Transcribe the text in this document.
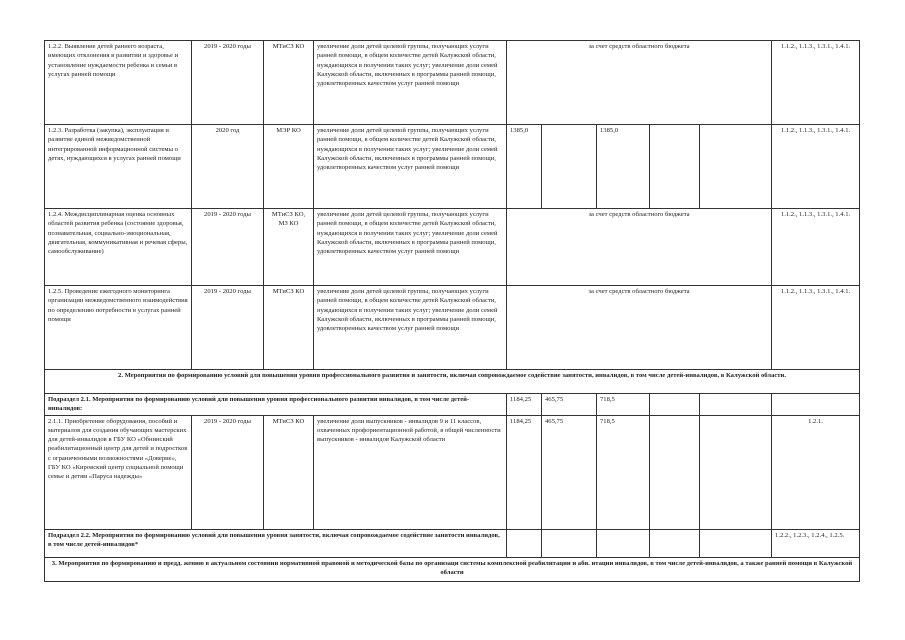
1.2.2. Выявление детей раннего возраста, имеющих отклонения в развитии и здоровье и установление нуждаемости ребенка и семьи в услугах ранней помощи	2019 - 2020 годы	МТиСЗ КО	увеличение доли детей целевой группы, получающих услуги ранней помощи, в общем количестве детей Калужской области, нуждающихся в получении таких услуг; увеличение доли семей Калужской области, включенных в программы ранней помощи, удовлетворенных качеством услуг ранней помощи	за счет средств областного бюджета					1.1.2., 1.1.3., 1.3.1., 1.4.1.
1.2.3. Разработка (закупка), эксплуатация и развитие единой межведомственной интегрированной информационной системы о детях, нуждающихся в услугах ранней помощи	2020 год	МЭР КО	увеличение доли детей целевой группы, получающих услуги ранней помощи, в общем количестве детей Калужской области, нуждающихся в получении таких услуг; увеличение доли семей Калужской области, включенных в программы ранней помощи, удовлетворенных качеством услуг ранней помощи	1385,0		1385,0			1.1.2., 1.1.3., 1.3.1., 1.4.1.
1.2.4. Междисциплинарная оценка основных областей развития ребенка (состояние здоровья, познавательная, социально-эмоциональная, двигательная, коммуникативная и речевая сферы, самообслуживание)	2019 - 2020 годы	МТиСЗ КО, МЗ КО	увеличение доли детей целевой группы, получающих услуги ранней помощи, в общем количестве детей Калужской области, нуждающихся в получении таких услуг; увеличение доли семей Калужской области, включенных в программы ранней помощи, удовлетворенных качеством услуг ранней помощи	за счет средств областного бюджета					1.1.2., 1.1.3., 1.3.1., 1.4.1.
1.2.5. Проведение ежегодного мониторинга организации межведомственного взаимодействия по определению потребности в услугах ранней помощи	2019 - 2020 годы	МТиСЗ КО	увеличение доли детей целевой группы, получающих услуги ранней помощи, в общем количестве детей Калужской области, нуждающихся в получении таких услуг; увеличение доли семей Калужской области, включенных в программы ранней помощи, удовлетворенных качеством услуг ранней помощи	за счет средств областного бюджета					1.1.2., 1.1.3., 1.3.1., 1.4.1.
2. Мероприятия по формированию условий для повышения уровня профессионального развития и занятости, включая сопровождаемое содействие занятости, инвалидов, в том числе детей-инвалидов, в Калужской области.									
Подраздел 2.1. Мероприятия по формированию условий для повышения уровня профессионального развития инвалидов, в том числе детей-инвалидов:				1184,25	465,75	718,5			
2.1.1. Приобретение оборудования, пособий и материалов для создания обучающих мастерских для детей-инвалидов в ГБУ КО «Обнинский реабилитационный центр для детей и подростков с ограниченными возможностями «Доверие», ГБУ КО «Кировский центр социальной помощи семье и детям «Паруса надежды»	2019 - 2020 годы	МТиСЗ КО	увеличение доли выпускников - инвалидов 9 и 11 классов, охваченных профориентационной работой, в общей численности выпускников - инвалидов Калужской области	1184,25	465,75	718,5			1.2.1.
Подраздел 2.2. Мероприятия по формированию условий для повышения уровня занятости, включая сопровождаемое содействие занятости инвалидов, в том числе детей-инвалидов*									1.2.2., 1.2.3., 1.2.4., 1.2.5.
3. Мероприятия по формированию и предд. жению в актуальном состоянии нормативной правовой и методической базы по организаци системы комплексной реабилитации и аби. итации инвалидов, в том числе детей-инвалидов, а также ранней помощи в Калужской области									
